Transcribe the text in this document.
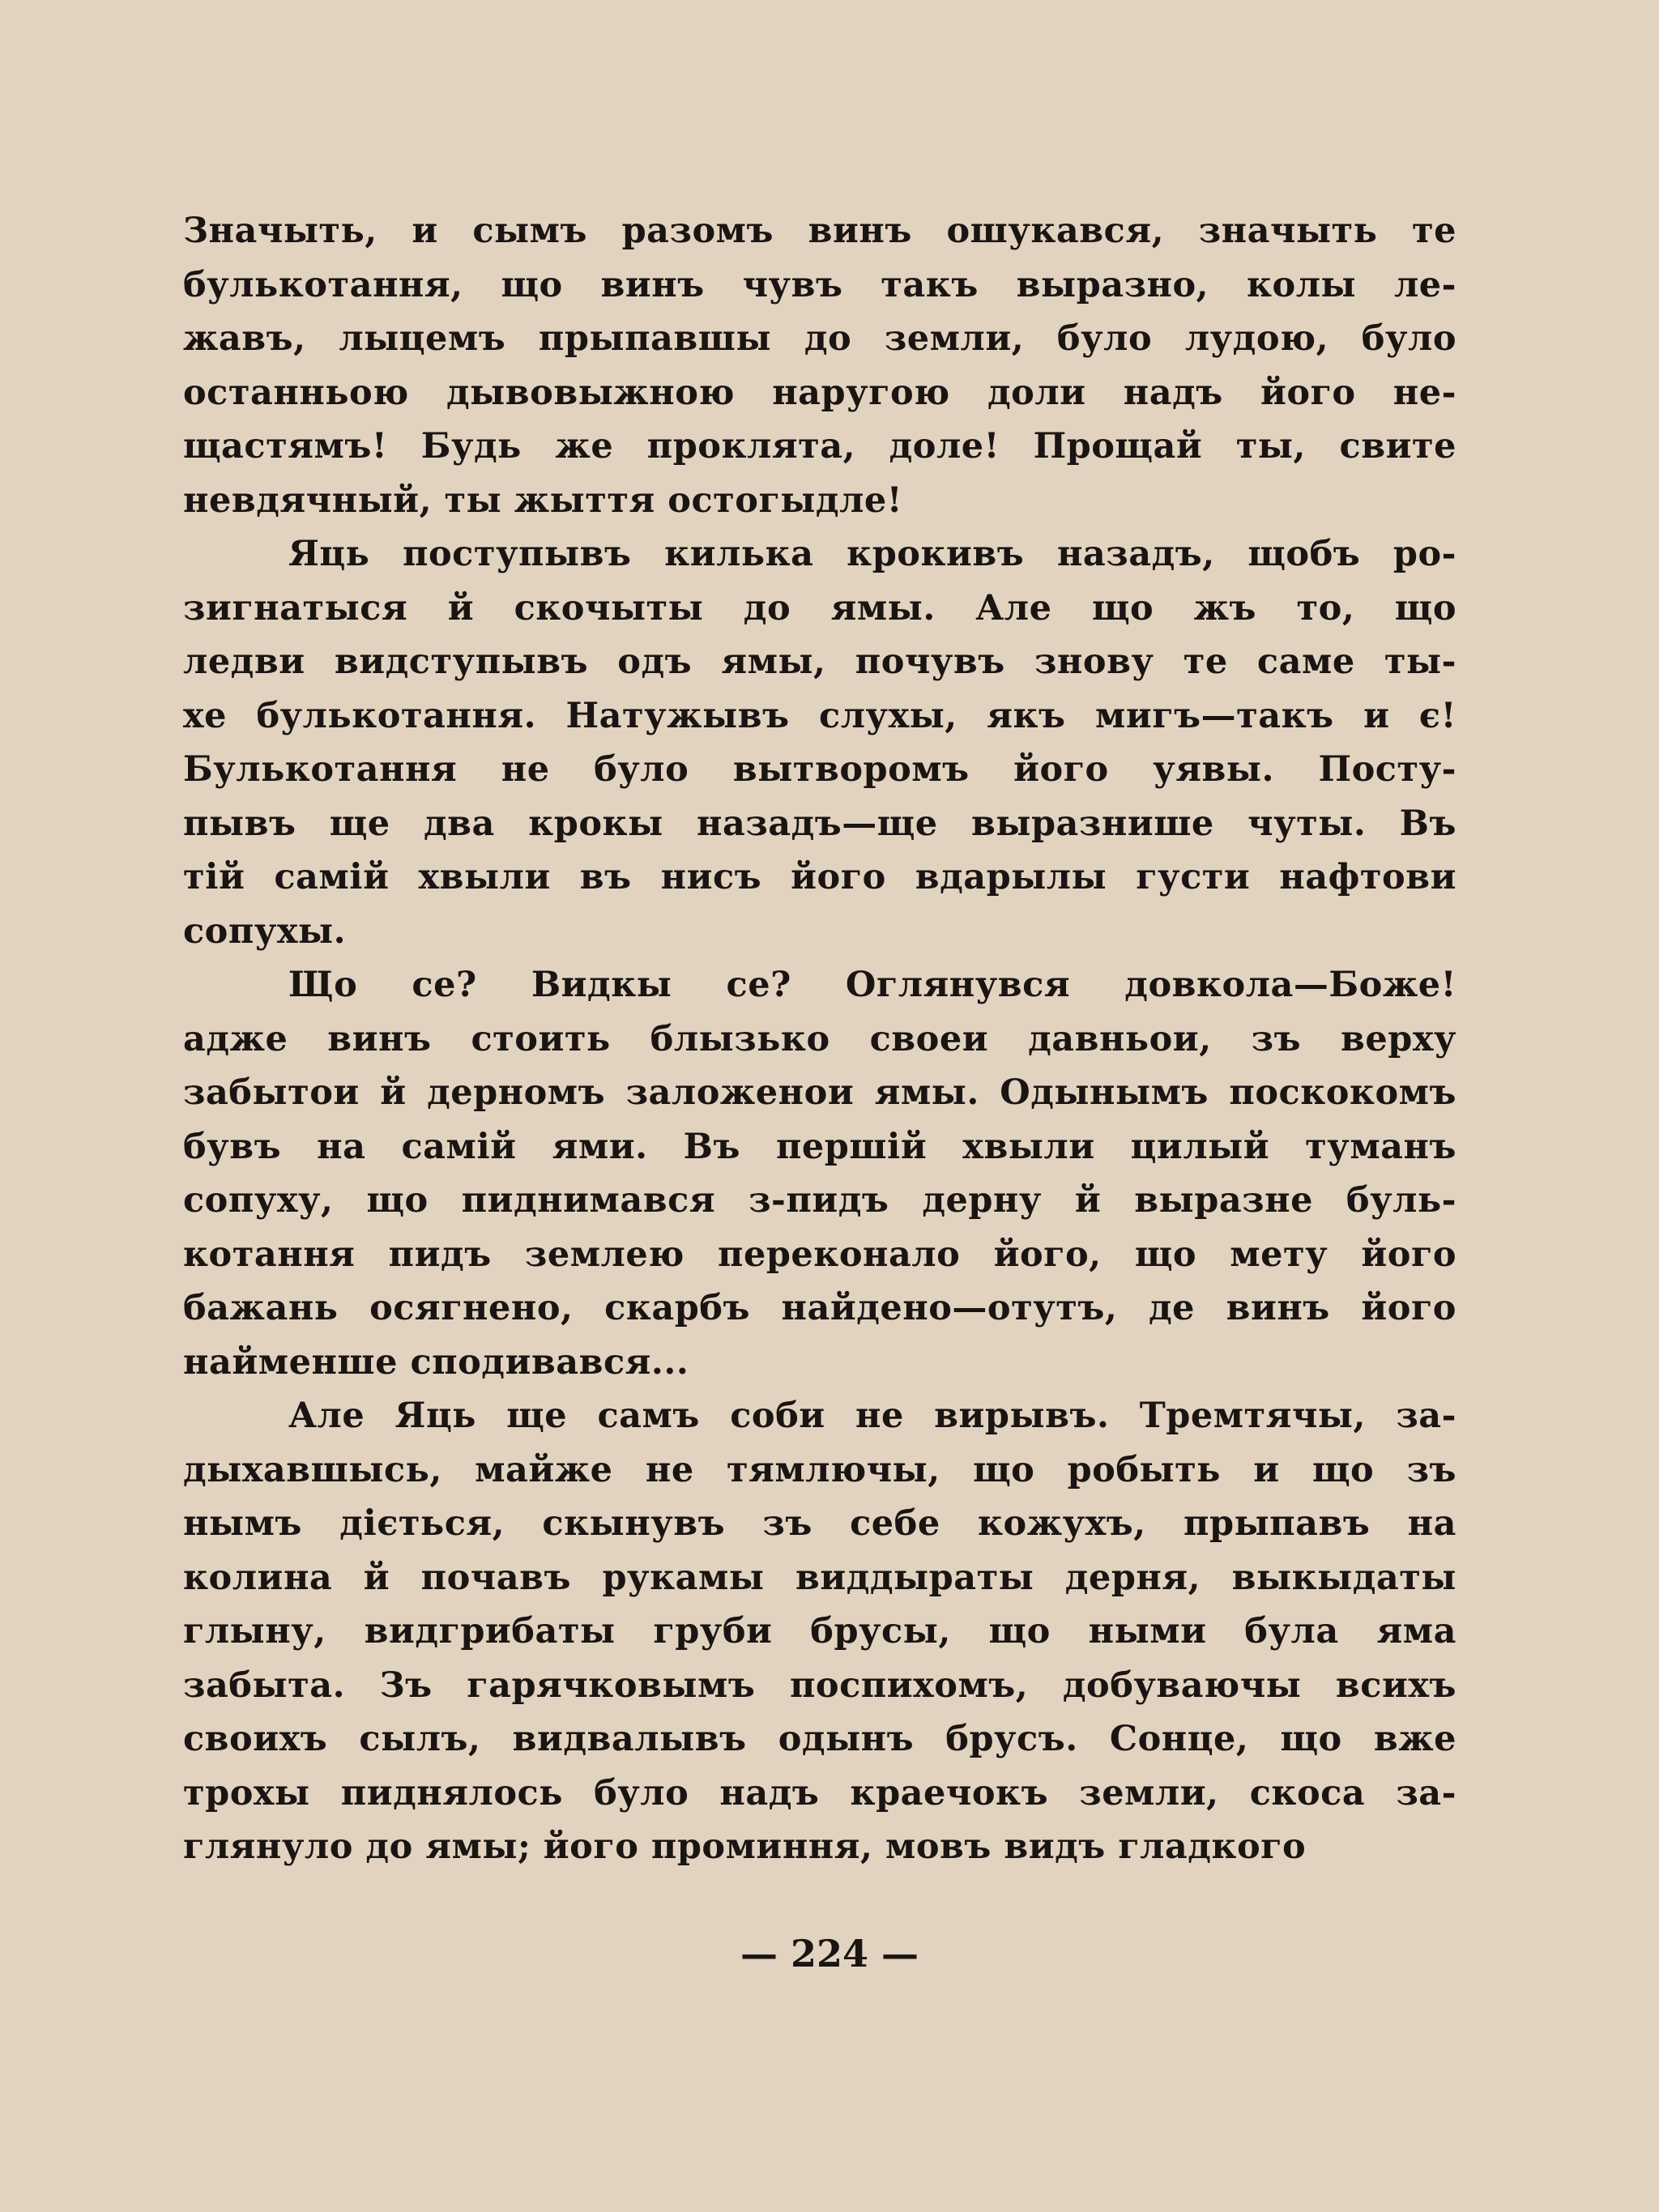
Значыть, и сымъ разомъ винъ ошукався, значыть те
булькотання, що винъ чувъ такъ выразно, колы ле-
жавъ, лыцемъ прыпавшы до земли, було лудою, було
останньою дывовыжною наругою доли надъ його не-
щастямъ! Будь же проклята, доле! Прощай ты, свите
невдячный, ты жыття остогыдле!
Яць поступывъ килька крокивъ назадъ, щобъ ро-
зигнатыся й скочыты до ямы. Але що жъ то, що
ледви видступывъ одъ ямы, почувъ знову те саме ты-
хе булькотання. Натужывъ слухы, якъ мигъ—такъ и є!
Булькотання не було вытворомъ його уявы. Посту-
пывъ ще два крокы назадъ—ще выразнише чуты. Въ
тій самій хвыли въ нисъ його вдарылы густи нафтови
сопухы.
Що се? Видкы се? Оглянувся довкола—Боже!
адже винъ стоить блызько своеи давньои, зъ верху
забытои й дерномъ заложенои ямы. Одынымъ поскокомъ
бувъ на самій ями. Въ першій хвыли цилый туманъ
сопуху, що пиднимався з-пидъ дерну й выразне буль-
котання пидъ землею переконало його, що мету його
бажань осягнено, скарбъ найдено—отутъ, де винъ його
найменше сподивався...
Але Яць ще самъ соби не вирывъ. Тремтячы, за-
дыхавшысь, майже не тямлючы, що робыть и що зъ
нымъ діється, скынувъ зъ себе кожухъ, прыпавъ на
колина й почавъ рукамы виддыраты дерня, выкыдаты
глыну, видгрибаты груби брусы, що ными була яма
забыта. Зъ гарячковымъ поспихомъ, добуваючы всихъ
своихъ сылъ, видвалывъ одынъ брусъ. Сонце, що вже
трохы пиднялось було надъ краечокъ земли, скоса за-
глянуло до ямы; його проминня, мовъ видъ гладкого
— 224 —
